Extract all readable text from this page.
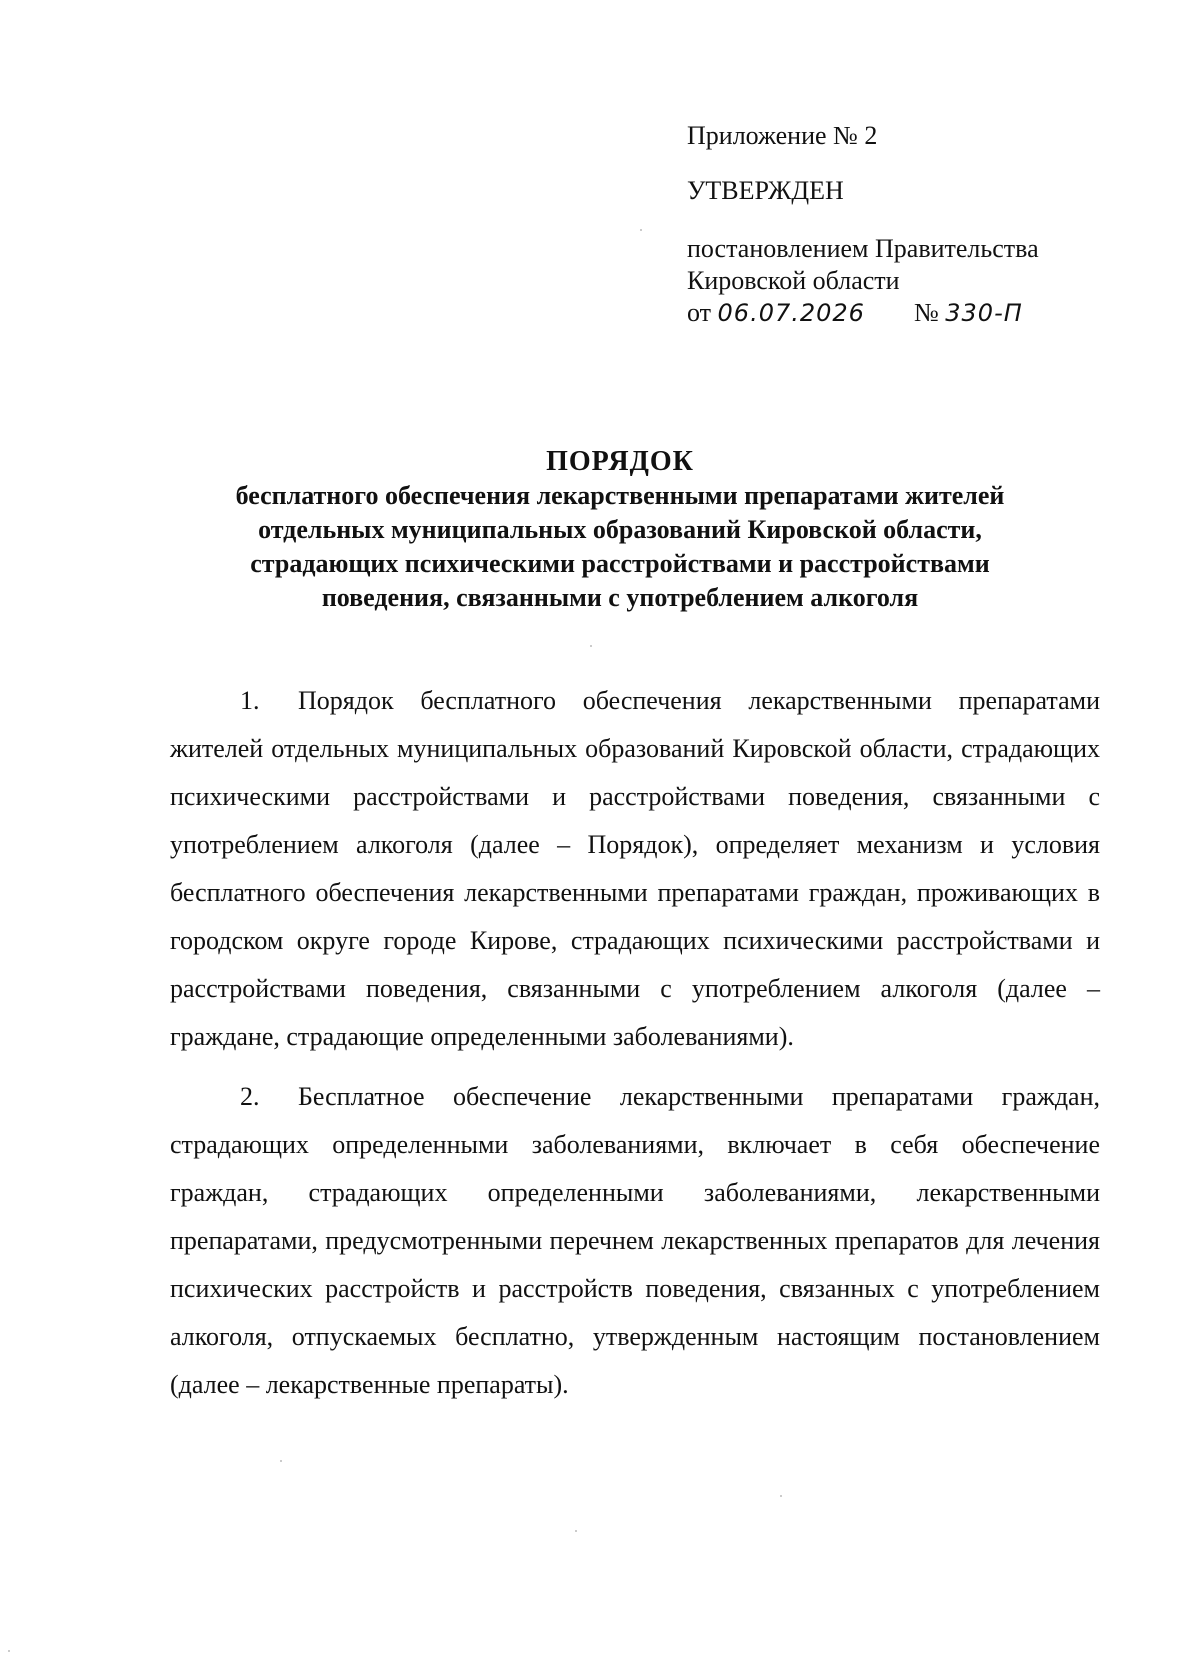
Приложение № 2
УТВЕРЖДЕН
постановлением Правительства
Кировской области
от 06.07.2026 № 330-П
ПОРЯДОК
бесплатного обеспечения лекарственными препаратами жителей
отдельных муниципальных образований Кировской области,
страдающих психическими расстройствами и расстройствами
поведения, связанными с употреблением алкоголя

1. Порядок бесплатного обеспечения лекарственными препаратами жителей отдельных муниципальных образований Кировской области, страдающих психическими расстройствами и расстройствами поведения, связанными с употреблением алкоголя (далее – Порядок), определяет механизм и условия бесплатного обеспечения лекарственными препаратами граждан, проживающих в городском округе городе Кирове, страдающих психическими расстройствами и расстройствами поведения, связанными с употреблением алкоголя (далее – граждане, страдающие определенными заболеваниями).

2. Бесплатное обеспечение лекарственными препаратами граждан, страдающих определенными заболеваниями, включает в себя обеспечение граждан, страдающих определенными заболеваниями, лекарственными препаратами, предусмотренными перечнем лекарственных препаратов для лечения психических расстройств и расстройств поведения, связанных с употреблением алкоголя, отпускаемых бесплатно, утвержденным настоящим постановлением (далее – лекарственные препараты).
